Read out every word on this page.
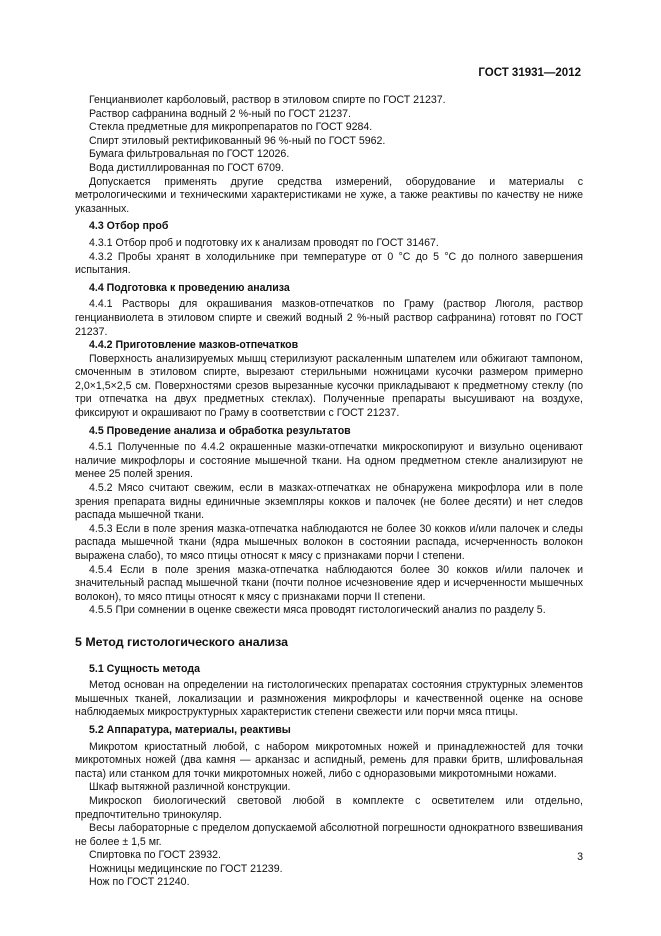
ГОСТ 31931—2012

Генцианвиолет карболовый, раствор в этиловом спирте по ГОСТ 21237.

Раствор сафранина водный 2 %-ный по ГОСТ 21237.

Стекла предметные для микропрепаратов по ГОСТ 9284.

Спирт этиловый ректификованный 96 %-ный по ГОСТ 5962.

Бумага фильтровальная по ГОСТ 12026.

Вода дистиллированная по ГОСТ 6709.

Допускается применять другие средства измерений, оборудование и материалы с метрологическими и техническими характеристиками не хуже, а также реактивы по качеству не ниже указанных.

4.3 Отбор проб

4.3.1 Отбор проб и подготовку их к анализам проводят по ГОСТ 31467.

4.3.2 Пробы хранят в холодильнике при температуре от 0 °С до 5 °С до полного завершения испытания.

4.4 Подготовка к проведению анализа

4.4.1 Растворы для окрашивания мазков-отпечатков по Граму (раствор Люголя, раствор генцианвиолета в этиловом спирте и свежий водный 2 %-ный раствор сафранина) готовят по ГОСТ 21237.

4.4.2 Приготовление мазков-отпечатков

Поверхность анализируемых мышц стерилизуют раскаленным шпателем или обжигают тампоном, смоченным в этиловом спирте, вырезают стерильными ножницами кусочки размером примерно 2,0×1,5×2,5 см. Поверхностями срезов вырезанные кусочки прикладывают к предметному стеклу (по три отпечатка на двух предметных стеклах). Полученные препараты высушивают на воздухе, фиксируют и окрашивают по Граму в соответствии с ГОСТ 21237.

4.5 Проведение анализа и обработка результатов

4.5.1 Полученные по 4.4.2 окрашенные мазки-отпечатки микроскопируют и визульно оценивают наличие микрофлоры и состояние мышечной ткани. На одном предметном стекле анализируют не менее 25 полей зрения.

4.5.2 Мясо считают свежим, если в мазках-отпечатках не обнаружена микрофлора или в поле зрения препарата видны единичные экземпляры кокков и палочек (не более десяти) и нет следов распада мышечной ткани.

4.5.3 Если в поле зрения мазка-отпечатка наблюдаются не более 30 кокков и/или палочек и следы распада мышечной ткани (ядра мышечных волокон в состоянии распада, исчерченность волокон выражена слабо), то мясо птицы относят к мясу с признаками порчи I степени.

4.5.4 Если в поле зрения мазка-отпечатка наблюдаются более 30 кокков и/или палочек и значительный распад мышечной ткани (почти полное исчезновение ядер и исчерченности мышечных волокон), то мясо птицы относят к мясу с признаками порчи II степени.

4.5.5 При сомнении в оценке свежести мяса проводят гистологический анализ по разделу 5.

5 Метод гистологического анализа
5.1 Сущность метода

Метод основан на определении на гистологических препаратах состояния структурных элементов мышечных тканей, локализации и размножения микрофлоры и качественной оценке на основе наблюдаемых микроструктурных характеристик степени свежести или порчи мяса птицы.

5.2 Аппаратура, материалы, реактивы

Микротом криостатный любой, с набором микротомных ножей и принадлежностей для точки микротомных ножей (два камня — арканзас и аспидный, ремень для правки бритв, шлифовальная паста) или станком для точки микротомных ножей, либо с одноразовыми микротомными ножами.

Шкаф вытяжной различной конструкции.

Микроскоп биологический световой любой в комплекте с осветителем или отдельно, предпочтительно тринокуляр.

Весы лабораторные с пределом допускаемой абсолютной погрешности однократного взвешивания не более ± 1,5 мг.

Спиртовка по ГОСТ 23932.

Ножницы медицинские по ГОСТ 21239.

Нож по ГОСТ 21240.

3
